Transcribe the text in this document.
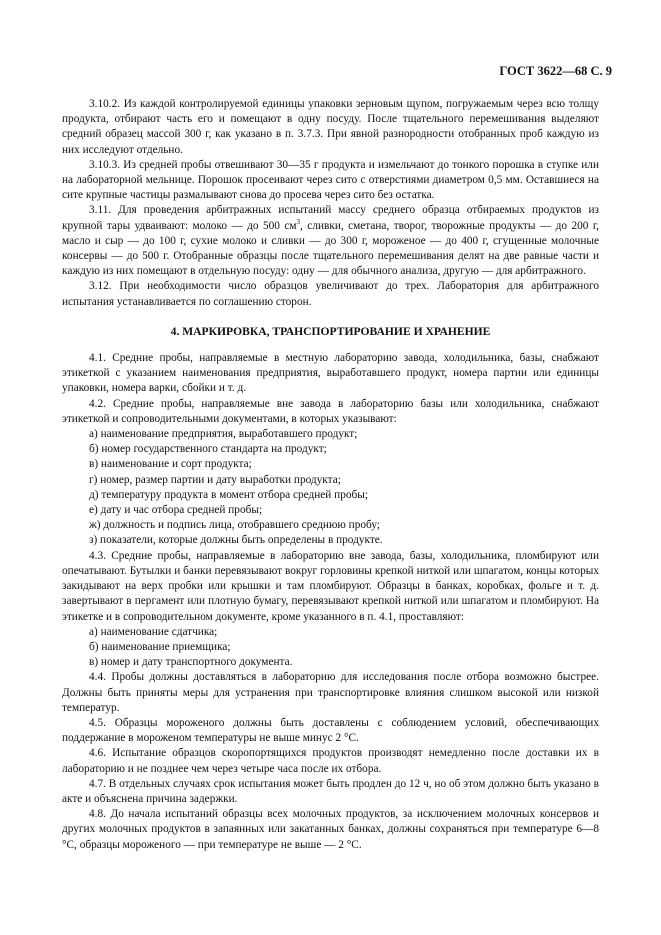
ГОСТ 3622—68 С. 9

3.10.2. Из каждой контролируемой единицы упаковки зерновым щупом, погружаемым через всю толщу продукта, отбирают часть его и помещают в одну посуду. После тщательного перемешивания выделяют средний образец массой 300 г, как указано в п. 3.7.3. При явной разнородности отобранных проб каждую из них исследуют отдельно.

3.10.3. Из средней пробы отвешивают 30—35 г продукта и измельчают до тонкого порошка в ступке или на лабораторной мельнице. Порошок просеивают через сито с отверстиями диаметром 0,5 мм. Оставшиеся на сите крупные частицы размалывают снова до просева через сито без остатка.

3.11. Для проведения арбитражных испытаний массу среднего образца отбираемых продуктов из крупной тары удваивают: молоко — до 500 $см^3$, сливки, сметана, творог, творожные продукты — до 200 г, масло и сыр — до 100 г, сухие молоко и сливки — до 300 г, мороженое — до 400 г, сгущенные молочные консервы — до 500 г. Отобранные образцы после тщательного перемешивания делят на две равные части и каждую из них помещают в отдельную посуду: одну — для обычного анализа, другую — для арбитражного.

3.12. При необходимости число образцов увеличивают до трех. Лаборатория для арбитражного испытания устанавливается по соглашению сторон.

4. МАРКИРОВКА, ТРАНСПОРТИРОВАНИЕ И ХРАНЕНИЕ

4.1. Средние пробы, направляемые в местную лабораторию завода, холодильника, базы, снабжают этикеткой с указанием наименования предприятия, выработавшего продукт, номера партии или единицы упаковки, номера варки, сбойки и т. д.

4.2. Средние пробы, направляемые вне завода в лабораторию базы или холодильника, снабжают этикеткой и сопроводительными документами, в которых указывают:

а) наименование предприятия, выработавшего продукт;

б) номер государственного стандарта на продукт;

в) наименование и сорт продукта;

г) номер, размер партии и дату выработки продукта;

д) температуру продукта в момент отбора средней пробы;

е) дату и час отбора средней пробы;

ж) должность и подпись лица, отобравшего среднюю пробу;

з) показатели, которые должны быть определены в продукте.

4.3. Средние пробы, направляемые в лабораторию вне завода, базы, холодильника, пломбируют или опечатывают. Бутылки и банки перевязывают вокруг горловины крепкой ниткой или шпагатом, концы которых закидывают на верх пробки или крышки и там пломбируют. Образцы в банках, коробках, фольге и т. д. завертывают в пергамент или плотную бумагу, перевязывают крепкой ниткой или шпагатом и пломбируют. На этикетке и в сопроводительном документе, кроме указанного в п. 4.1, проставляют:

а) наименование сдатчика;

б) наименование приемщика;

в) номер и дату транспортного документа.

4.4. Пробы должны доставляться в лабораторию для исследования после отбора возможно быстрее. Должны быть приняты меры для устранения при транспортировке влияния слишком высокой или низкой температур.

4.5. Образцы мороженого должны быть доставлены с соблюдением условий, обеспечивающих поддержание в мороженом температуры не выше минус 2 °С.

4.6. Испытание образцов скоропортящихся продуктов производят немедленно после доставки их в лабораторию и не позднее чем через четыре часа после их отбора.

4.7. В отдельных случаях срок испытания может быть продлен до 12 ч, но об этом должно быть указано в акте и объяснена причина задержки.

4.8. До начала испытаний образцы всех молочных продуктов, за исключением молочных консервов и других молочных продуктов в запаянных или закатанных банках, должны сохраняться при температуре 6—8 °С, образцы мороженого — при температуре не выше — 2 °С.
